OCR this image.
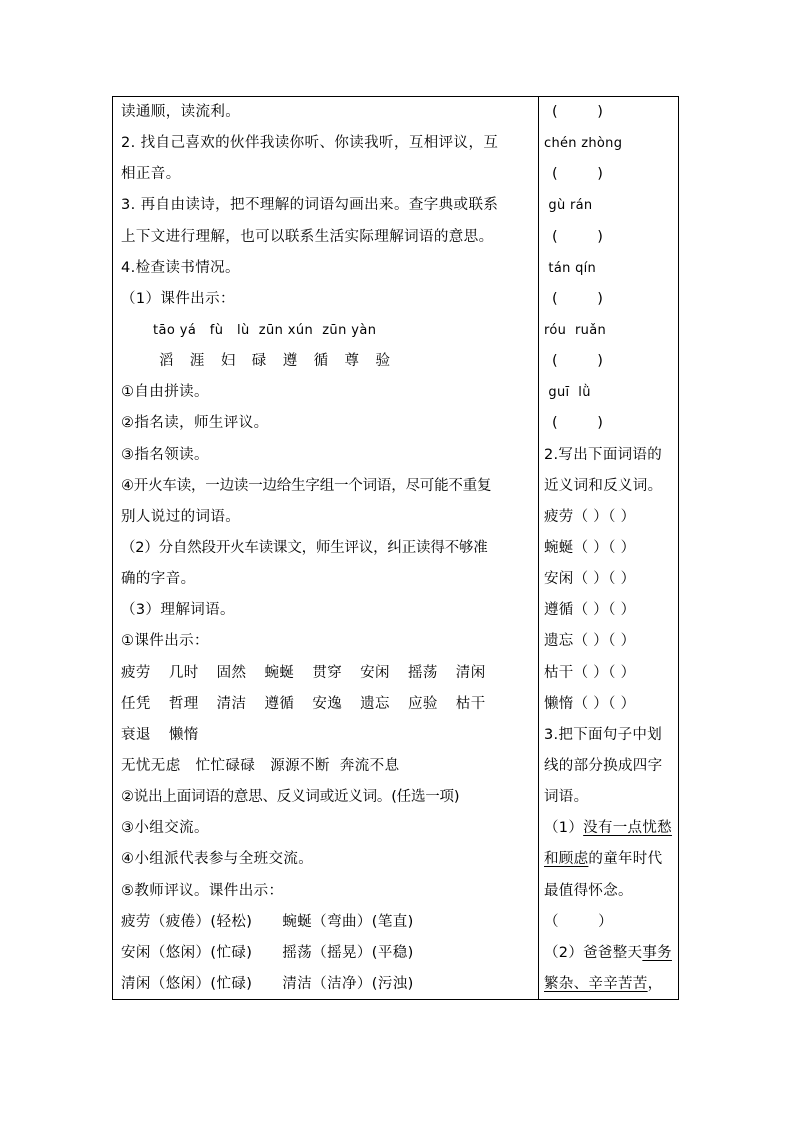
读通顺，读流利。
2. 找自己喜欢的伙伴我读你听、你读我听，互相评议，互
相正音。
3. 再自由读诗，把不理解的词语勾画出来。查字典或联系
上下文进行理解，也可以联系生活实际理解词语的意思。
4.检查读书情况。
（1）课件出示：
tāo yá   fù   lù  zūn xún  zūn yàn
滔 涯 妇 碌 遵 循 尊 验
①自由拼读。
②指名读，师生评议。
③指名领读。
④开火车读，一边读一边给生字组一个词语，尽可能不重复
别人说过的词语。
（2）分自然段开火车读课文，师生评议，纠正读得不够准
确的字音。
（3）理解词语。
①课件出示：
疲劳 几时 固然 蜿蜒 贯穿 安闲 摇荡 清闲
任凭 哲理 清洁 遵循 安逸 遗忘 应验 枯干
衰退 懒惰
无忧无虑   忙忙碌碌   源源不断  奔流不息
②说出上面词语的意思、反义词或近义词。(任选一项)
③小组交流。
④小组派代表参与全班交流。
⑤教师评议。课件出示：
疲劳（疲倦）(轻松)      蜿蜒（弯曲）(笔直)
安闲（悠闲）(忙碌)      摇荡（摇晃）(平稳)
清闲（悠闲）(忙碌)      清洁（洁净）(污浊)
(        )
chén zhòng
(        )
gù rán
(        )
tán qín
(        )
róu  ruǎn
(        )
guī  lǜ
(        )
2.写出下面词语的
近义词和反义词。
疲劳（ ）（ ）
蜿蜒（ ）（ ）
安闲（ ）（ ）
遵循（ ）（ ）
遗忘（ ）（ ）
枯干（ ）（ ）
懒惰（ ）（ ）
3.把下面句子中划
线的部分换成四字
词语。
（1）没有一点忧愁
和顾虑的童年时代
最值得怀念。
（        ）
（2）爸爸整天事务
繁杂、辛辛苦苦，
